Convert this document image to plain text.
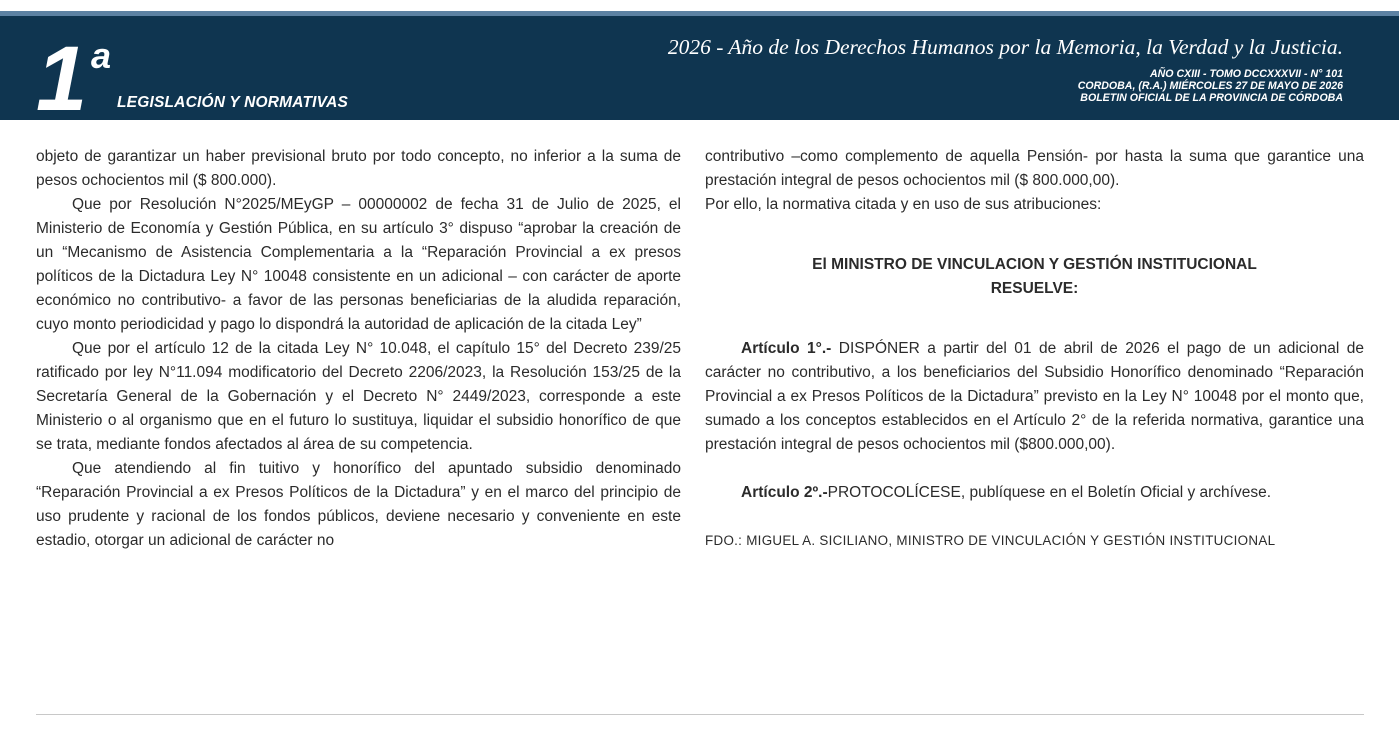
1 a
LEGISLACIÓN Y NORMATIVAS
2026 - Año de los Derechos Humanos por la Memoria, la Verdad y la Justicia.
AÑO CXIII - TOMO DCCXXXVII - N° 101
CORDOBA, (R.A.) MIÉRCOLES 27 DE MAYO DE 2026
BOLETIN OFICIAL DE LA PROVINCIA DE CÓRDOBA

objeto de garantizar un haber previsional bruto por todo concepto, no inferior a la suma de pesos ochocientos mil ($ 800.000).

Que por Resolución N°2025/MEyGP – 00000002 de fecha 31 de Julio de 2025, el Ministerio de Economía y Gestión Pública, en su artículo 3° dispuso “aprobar la creación de un “Mecanismo de Asistencia Complementaria a la “Reparación Provincial a ex presos políticos de la Dictadura Ley N° 10048 consistente en un adicional – con carácter de aporte económico no contributivo- a favor de las personas beneficiarias de la aludida reparación, cuyo monto periodicidad y pago lo dispondrá la autoridad de aplicación de la citada Ley”

Que por el artículo 12 de la citada Ley N° 10.048, el capítulo 15° del Decreto 239/25 ratificado por ley N°11.094 modificatorio del Decreto 2206/2023, la Resolución 153/25 de la Secretaría General de la Gobernación y el Decreto N° 2449/2023, corresponde a este Ministerio o al organismo que en el futuro lo sustituya, liquidar el subsidio honorífico de que se trata, mediante fondos afectados al área de su competencia.

Que atendiendo al fin tuitivo y honorífico del apuntado subsidio denominado “Reparación Provincial a ex Presos Políticos de la Dictadura” y en el marco del principio de uso prudente y racional de los fondos públicos, deviene necesario y conveniente en este estadio, otorgar un adicional de carácter no

contributivo –como complemento de aquella Pensión- por hasta la suma que garantice una prestación integral de pesos ochocientos mil ($ 800.000,00).

Por ello, la normativa citada y en uso de sus atribuciones:

El MINISTRO DE VINCULACION Y GESTIÓN INSTITUCIONAL
RESUELVE:

Artículo 1°.- DISPÓNER a partir del 01 de abril de 2026 el pago de un adicional de carácter no contributivo, a los beneficiarios del Subsidio Honorífico denominado “Reparación Provincial a ex Presos Políticos de la Dictadura” previsto en la Ley N° 10048 por el monto que, sumado a los conceptos establecidos en el Artículo 2° de la referida normativa, garantice una prestación integral de pesos ochocientos mil ($800.000,00).

Artículo 2º.-PROTOCOLÍCESE, publíquese en el Boletín Oficial y archívese.

FDO.: MIGUEL A. SICILIANO, MINISTRO DE VINCULACIÓN Y GESTIÓN INSTITUCIONAL
